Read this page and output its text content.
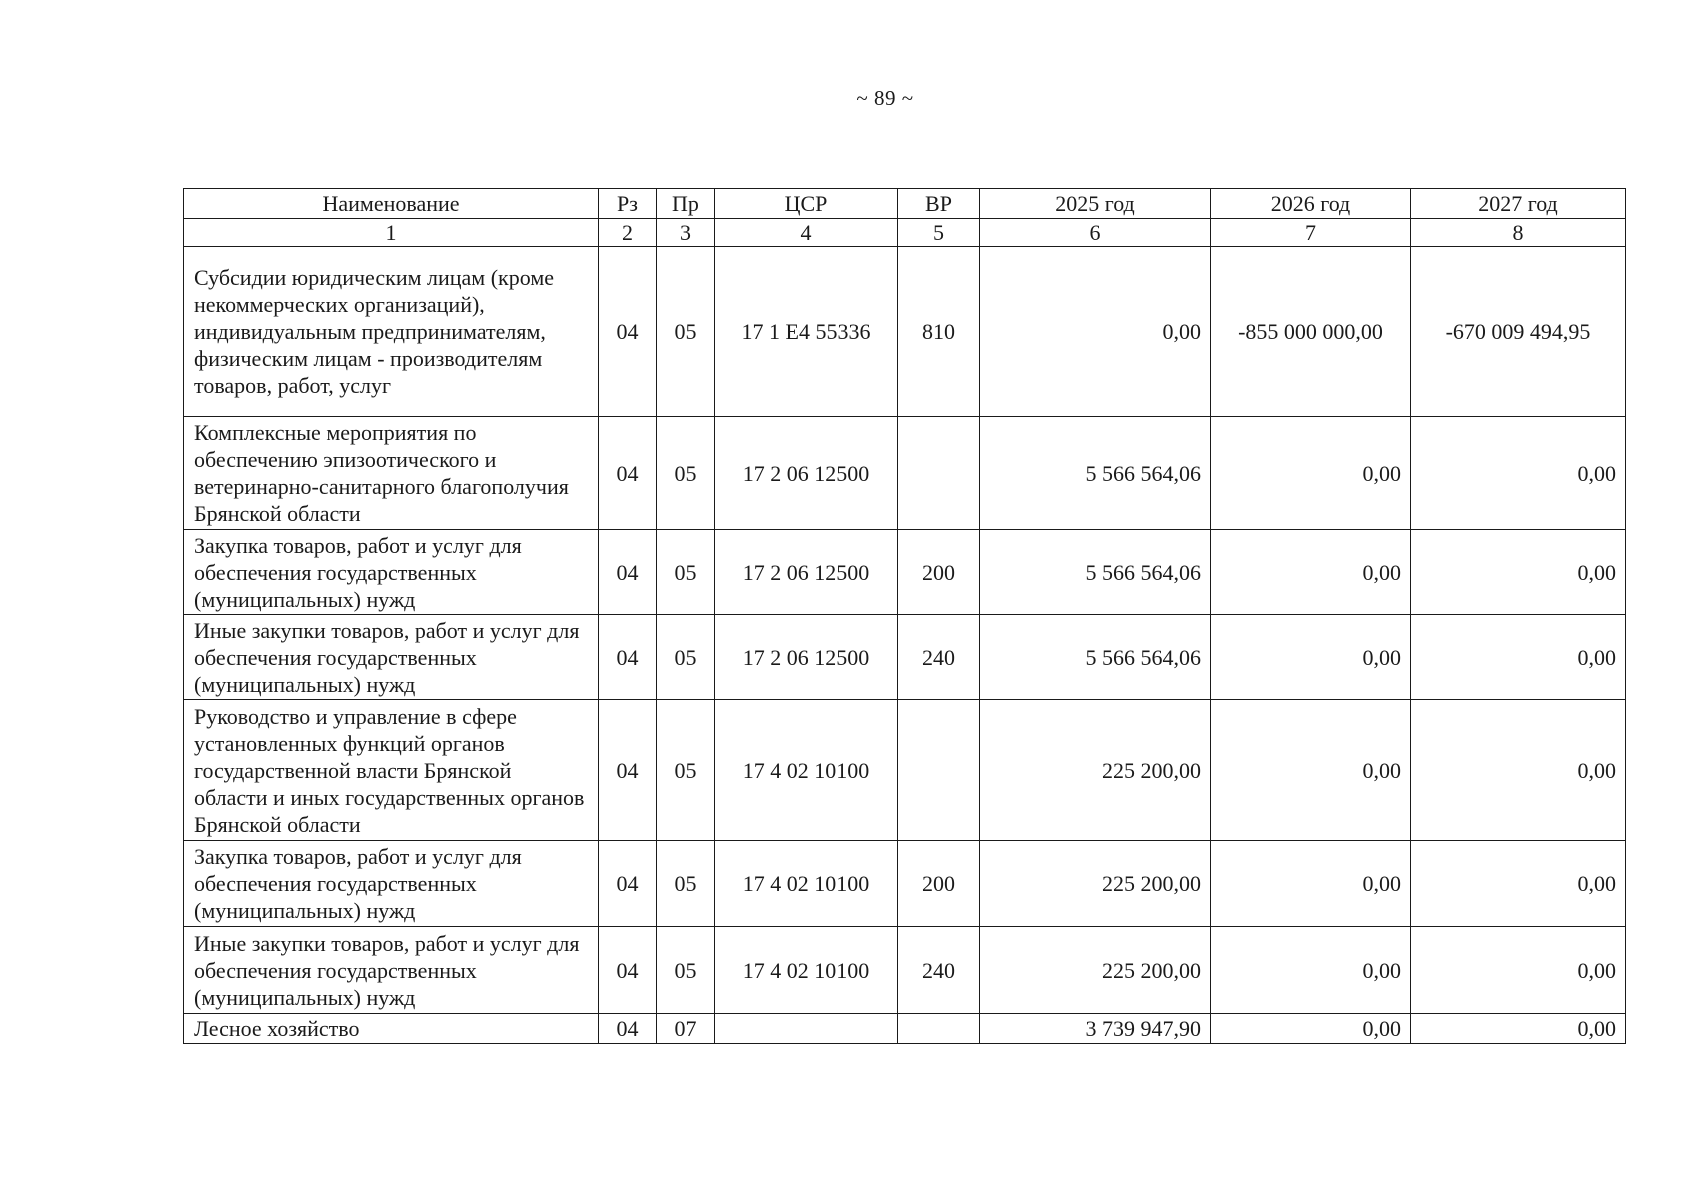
~ 89 ~
Наименование	Рз	Пр	ЦСР	ВР	2025 год	2026 год	2027 год
1	2	3	4	5	6	7	8
Субсидии юридическим лицам (кроме некоммерческих организаций), индивидуальным предпринимателям, физическим лицам - производителям товаров, работ, услуг	04	05	17 1 Е4 55336	810	0,00	-855 000 000,00	-670 009 494,95
Комплексные мероприятия по обеспечению эпизоотического и ветеринарно-санитарного благополучия Брянской области	04	05	17 2 06 12500		5 566 564,06	0,00	0,00
Закупка товаров, работ и услуг для обеспечения государственных (муниципальных) нужд	04	05	17 2 06 12500	200	5 566 564,06	0,00	0,00
Иные закупки товаров, работ и услуг для обеспечения государственных (муниципальных) нужд	04	05	17 2 06 12500	240	5 566 564,06	0,00	0,00
Руководство и управление в сфере установленных функций органов государственной власти Брянской области и иных государственных органов Брянской области	04	05	17 4 02 10100		225 200,00	0,00	0,00
Закупка товаров, работ и услуг для обеспечения государственных (муниципальных) нужд	04	05	17 4 02 10100	200	225 200,00	0,00	0,00
Иные закупки товаров, работ и услуг для обеспечения государственных (муниципальных) нужд	04	05	17 4 02 10100	240	225 200,00	0,00	0,00
Лесное хозяйство	04	07			3 739 947,90	0,00	0,00
